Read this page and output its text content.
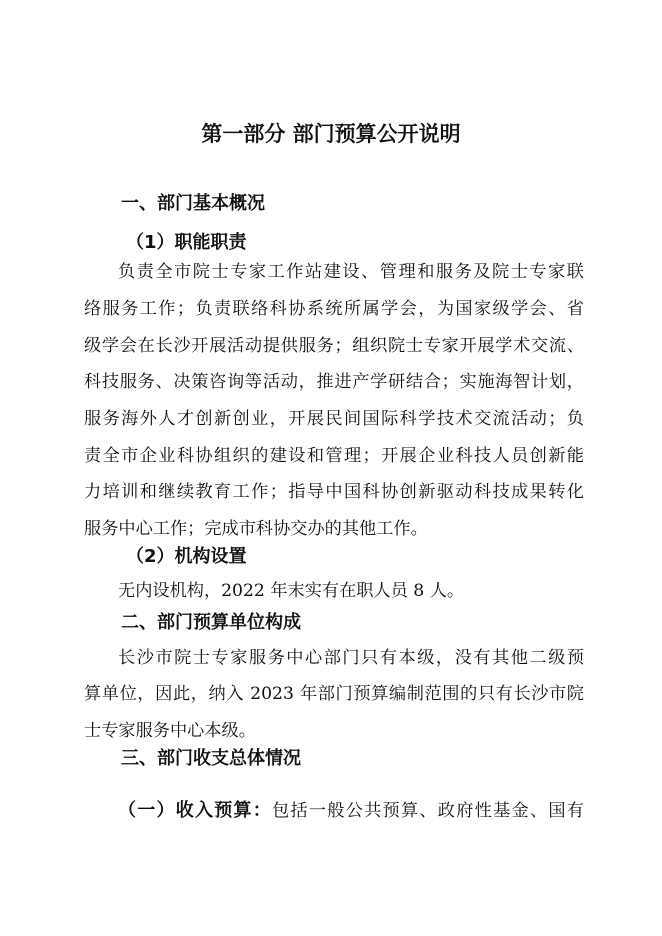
第一部分 部门预算公开说明
一、部门基本概况
（1）职能职责

负责全市院士专家工作站建设、管理和服务及院士专家联

络服务工作；负责联络科协系统所属学会，为国家级学会、省

级学会在长沙开展活动提供服务；组织院士专家开展学术交流、

科技服务、决策咨询等活动，推进产学研结合；实施海智计划，

服务海外人才创新创业，开展民间国际科学技术交流活动；负

责全市企业科协组织的建设和管理；开展企业科技人员创新能

力培训和继续教育工作；指导中国科协创新驱动科技成果转化

服务中心工作；完成市科协交办的其他工作。

（2）机构设置

无内设机构，2022 年末实有在职人员 8 人。

二、部门预算单位构成

长沙市院士专家服务中心部门只有本级，没有其他二级预

算单位，因此，纳入 2023 年部门预算编制范围的只有长沙市院

士专家服务中心本级。

三、部门收支总体情况

（一）收入预算：包括一般公共预算、政府性基金、国有
